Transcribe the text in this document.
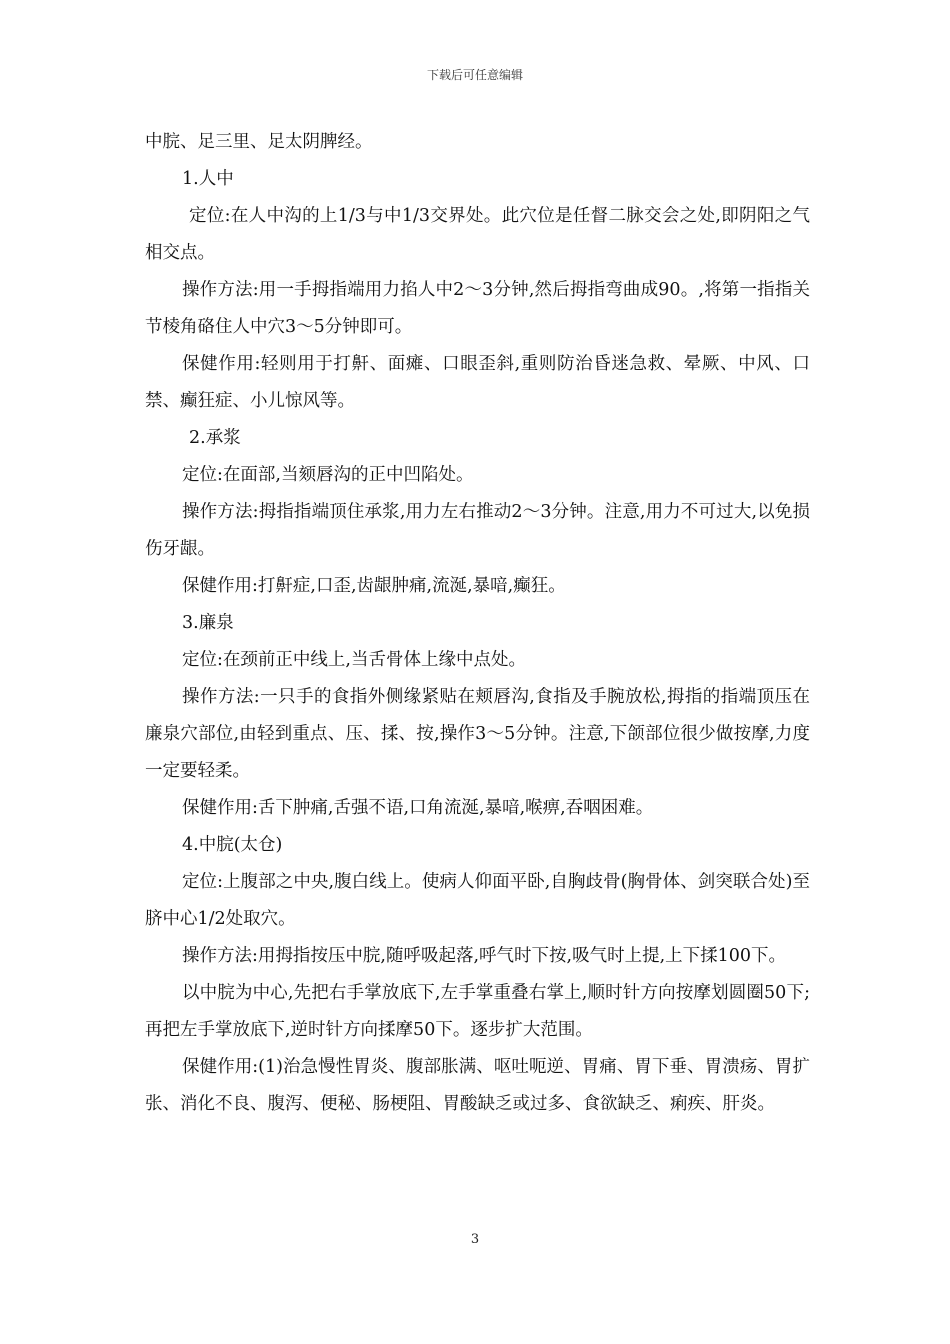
下载后可任意编辑

中脘、足三里、足太阴脾经。

1.人中

定位:在人中沟的上1/3与中1/3交界处。此穴位是任督二脉交会之处,即阴阳之气相交点。

操作方法:用一手拇指端用力掐人中2～3分钟,然后拇指弯曲成90。,将第一指指关节棱角硌住人中穴3～5分钟即可。

保健作用:轻则用于打鼾、面瘫、口眼歪斜,重则防治昏迷急救、晕厥、中风、口禁、癫狂症、小儿惊风等。

2.承浆

定位:在面部,当颏唇沟的正中凹陷处。

操作方法:拇指指端顶住承浆,用力左右推动2～3分钟。注意,用力不可过大,以免损伤牙龈。

保健作用:打鼾症,口歪,齿龈肿痛,流涎,暴喑,癫狂。

3.廉泉

定位:在颈前正中线上,当舌骨体上缘中点处。

操作方法:一只手的食指外侧缘紧贴在颊唇沟,食指及手腕放松,拇指的指端顶压在廉泉穴部位,由轻到重点、压、揉、按,操作3～5分钟。注意,下颌部位很少做按摩,力度一定要轻柔。

保健作用:舌下肿痛,舌强不语,口角流涎,暴喑,喉痹,吞咽困难。

4.中脘(太仓)

定位:上腹部之中央,腹白线上。使病人仰面平卧,自胸歧骨(胸骨体、剑突联合处)至脐中心1/2处取穴。

操作方法:用拇指按压中脘,随呼吸起落,呼气时下按,吸气时上提,上下揉100下。

以中脘为中心,先把右手掌放底下,左手掌重叠右掌上,顺时针方向按摩划圆圈50下;再把左手掌放底下,逆时针方向揉摩50下。逐步扩大范围。

保健作用:(1)治急慢性胃炎、腹部胀满、呕吐呃逆、胃痛、胃下垂、胃溃疡、胃扩张、消化不良、腹泻、便秘、肠梗阻、胃酸缺乏或过多、食欲缺乏、痢疾、肝炎。

3
